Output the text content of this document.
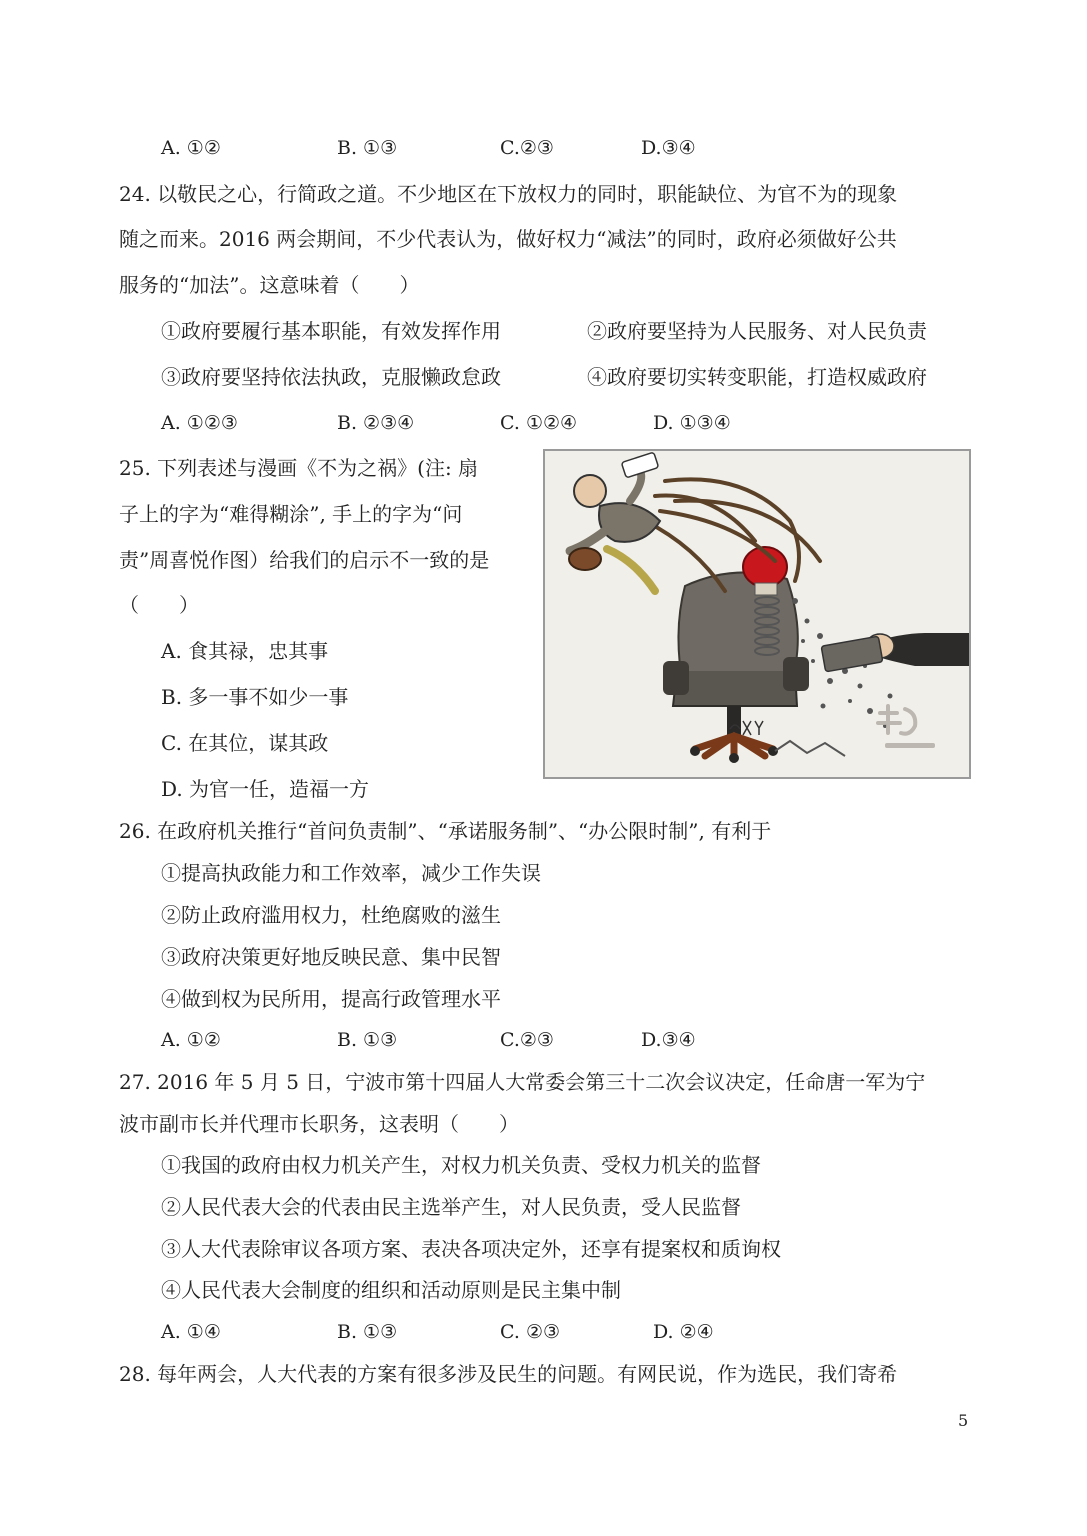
A. ①②	B. ①③	C.②③	D.③④
24. 以敬民之心，行简政之道。不少地区在下放权力的同时，职能缺位、为官不为的现象
随之而来。2016 两会期间，不少代表认为，做好权力“减法”的同时，政府必须做好公共
服务的“加法”。这意味着（　　）
①政府要履行基本职能，有效发挥作用	②政府要坚持为人民服务、对人民负责
③政府要坚持依法执政，克服懒政怠政	④政府要切实转变职能，打造权威政府
A. ①②③	B. ②③④	C. ①②④	D. ①③④
25. 下列表述与漫画《不为之祸》(注: 扇
子上的字为“难得糊涂”, 手上的字为“问
责”周喜悦作图）给我们的启示不一致的是
（　　）
A. 食其禄，忠其事
B. 多一事不如少一事
C. 在其位，谋其政
D. 为官一任，造福一方
26. 在政府机关推行“首问负责制”、“承诺服务制”、“办公限时制”, 有利于
①提高执政能力和工作效率，减少工作失误
②防止政府滥用权力，杜绝腐败的滋生
③政府决策更好地反映民意、集中民智
④做到权为民所用，提高行政管理水平
A. ①②	B. ①③	C.②③	D.③④
27. 2016 年 5 月 5 日，宁波市第十四届人大常委会第三十二次会议决定，任命唐一军为宁
波市副市长并代理市长职务，这表明（　　）
①我国的政府由权力机关产生，对权力机关负责、受权力机关的监督
②人民代表大会的代表由民主选举产生，对人民负责，受人民监督
③人大代表除审议各项方案、表决各项决定外，还享有提案权和质询权
④人民代表大会制度的组织和活动原则是民主集中制
A. ①④	B. ①③	C. ②③	D. ②④
28. 每年两会，人大代表的方案有很多涉及民生的问题。有网民说，作为选民，我们寄希
5
